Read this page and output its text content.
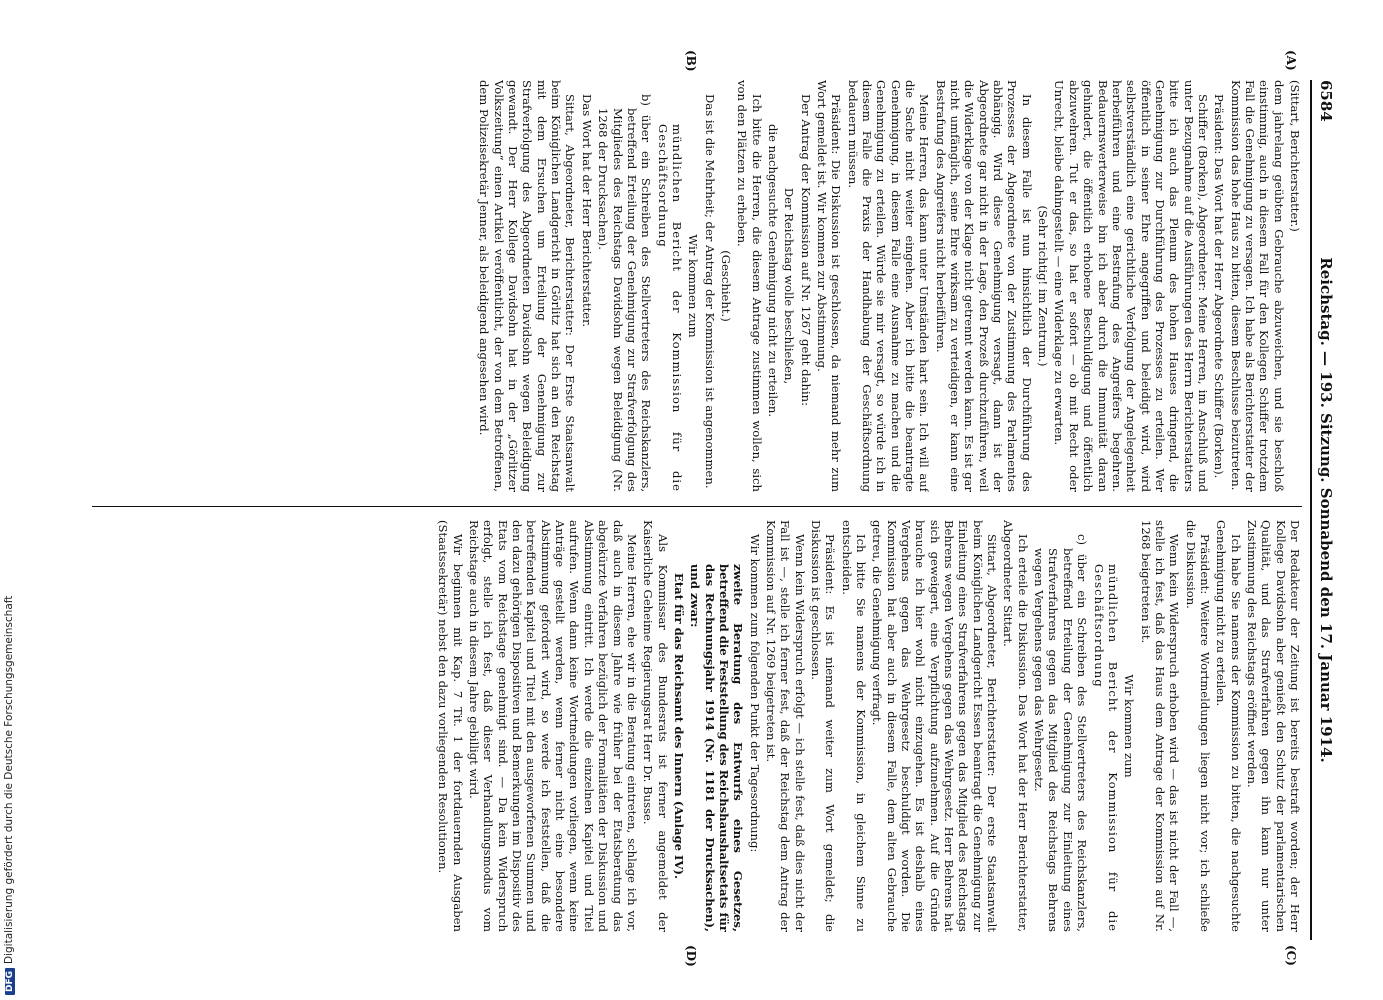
DFGDigitalisierung gefördert durch die Deutsche Forschungsgemeinschaft
6584
Reichstag. — 193. Sitzung. Sonnabend den 17. Januar 1914.
(A)
(B)
(C)
(D)

(Sittart, Berichterstatter.)

dem jahrelang geübten Gebrauche abzuweichen, und sie beschloß einstimmig, auch in diesem Fall für den Kollegen Schiffer trotzdem Fall die Genehmigung zu versagen. Ich habe als Berichterstatter der Kommission das hohe Haus zu bitten, diesem Beschlusse beizutreten.

Präsident: Das Wort hat der Herr Abgeordnete Schiffer (Borken).

Schiffer (Borken), Abgeordneter: Meine Herren, im Anschluß und unter Bezugnahme auf die Ausführungen des Herrn Berichterstatters bitte ich auch das Plenum des hohen Hauses dringend, die Genehmigung zur Durchführung des Prozesses zu erteilen. Wer öffentlich in seiner Ehre angegriffen und beleidigt wird, wird selbstverständlich eine gerichtliche Verfolgung der Angelegenheit herbeiführen und eine Bestrafung des Angreifers begehren. Bedauernswerterweise bin ich aber durch die Immunität daran gehindert, die öffentlich erhobene Beschuldigung und öffentlich abzuwehren. Tut er das, so hat er sofort — ob mit Recht oder Unrecht, bleibe dahingestellt — eine Widerklage zu erwarten.

(Sehr richtig! im Zentrum.)

In diesem Falle ist nun hinsichtlich der Durchführung des Prozesses der Abgeordnete von der Zustimmung des Parlamentes abhängig. Wird diese Genehmigung versagt, dann ist der Abgeordnete gar nicht in der Lage, den Prozeß durchzuführen, weil die Widerklage von der Klage nicht getrennt werden kann. Es ist gar nicht umfänglich, seine Ehre wirksam zu verteidigen, er kann eine Bestrafung des Angreifers nicht herbeiführen.

Meine Herren, das kann unter Umständen hart sein. Ich will auf die Sache nicht weiter eingehen. Aber ich bitte die beantragte Genehmigung, in diesem Falle eine Ausnahme zu machen und die Genehmigung zu erteilen. Würde sie mir versagt, so würde ich in diesem Falle die Praxis der Handhabung der Geschäftsordnung bedauern müssen.

Präsident: Die Diskussion ist geschlossen, da niemand mehr zum Wort gemeldet ist. Wir kommen zur Abstimmung.

Der Antrag der Kommission auf Nr. 1267 geht dahin:

Der Reichstag wolle beschließen,

die nachgesuchte Genehmigung nicht zu erteilen.

Ich bitte die Herren, die diesem Antrage zustimmen wollen, sich von den Plätzen zu erheben.

(Geschieht.)

Das ist die Mehrheit; der Antrag der Kommission ist angenommen.

Wir kommen zum

mündlichen Bericht der Kommission für die Geschäftsordnung

b) über ein Schreiben des Stellvertreters des Reichskanzlers, betreffend Erteilung der Genehmigung zur Strafverfolgung des Mitgliedes des Reichstags Davidsohn wegen Beleidigung (Nr. 1268 der Drucksachen).

Das Wort hat der Herr Berichterstatter.

Sittart, Abgeordneter, Berichterstatter: Der Erste Staatsanwalt beim Königlichen Landgericht in Görlitz hat sich an den Reichstag mit dem Ersuchen um Erteilung der Genehmigung zur Strafverfolgung des Abgeordneten Davidsohn wegen Beleidigung gewandt. Der Herr Kollege Davidsohn hat in der „Görlitzer Volkszeitung“ einen Artikel veröffentlicht, der von dem Betroffenen, dem Polizeisekretär Jenner, als beleidigend angesehen wird.

Der Redakteur der Zeitung ist bereits bestraft worden; der Herr Kollege Davidsohn aber genießt den Schutz der parlamentarischen Qualität, und das Strafverfahren gegen ihn kann nur unter Zustimmung des Reichstags eröffnet werden.

Ich habe Sie namens der Kommission zu bitten, die nachgesuchte Genehmigung nicht zu erteilen.

Präsident: Weitere Wortmeldungen liegen nicht vor; ich schließe die Diskussion.

Wenn kein Widerspruch erhoben wird — das ist nicht der Fall —, stelle ich fest, daß das Haus dem Antrage der Kommission auf Nr. 1268 beigetreten ist.

Wir kommen zum

mündlichen Bericht der Kommission für die Geschäftsordnung

c) über ein Schreiben des Stellvertreters des Reichskanzlers, betreffend Erteilung der Genehmigung zur Einleitung eines Strafverfahrens gegen das Mitglied des Reichstags Behrens wegen Vergehens gegen das Wehrgesetz.

Ich erteile die Diskussion. Das Wort hat der Herr Berichterstatter, Abgeordneter Sittart.

Sittart, Abgeordneter, Berichterstatter: Der erste Staatsanwalt beim Königlichen Landgericht Essen beantragt die Genehmigung zur Einleitung eines Strafverfahrens gegen das Mitglied des Reichstags Behrens wegen Vergehens gegen das Wehrgesetz. Herr Behrens hat sich geweigert, eine Verpflichtung aufzunehmen. Auf die Gründe brauche ich hier wohl nicht einzugehen. Es ist deshalb eines Vergehens gegen das Wehrgesetz beschuldigt worden. Die Kommission hat aber auch in diesem Falle, dem alten Gebrauche getreu, die Genehmigung verfragt.

Ich bitte Sie namens der Kommission, in gleichem Sinne zu entscheiden.

Präsident: Es ist niemand weiter zum Wort gemeldet; die Diskussion ist geschlossen.

Wenn kein Widerspruch erfolgt — ich stelle fest, daß dies nicht der Fall ist —, stelle ich ferner fest, daß der Reichstag dem Antrag der Kommission auf Nr. 1269 beigetreten ist.

Wir kommen zum folgenden Punkt der Tagesordnung:

zweite Beratung des Entwurfs eines Gesetzes, betreffend die Feststellung des Reichshaushaltsetats für das Rechnungsjahr 1914 (Nr. 1181 der Drucksachen), und zwar:

Etat für das Reichsamt des Innern (Anlage IV).

Als Kommissar des Bundesrats ist ferner angemeldet der Kaiserliche Geheime Regierungsrat Herr Dr. Busse.

Meine Herren, ehe wir in die Beratung eintreten, schlage ich vor, daß auch in diesem Jahre wie früher bei der Etatsberatung das abgekürzte Verfahren bezüglich der Formalitäten der Diskussion und Abstimmung eintritt. Ich werde die einzelnen Kapitel und Titel aufrufen. Wenn dann keine Wortmeldungen vorliegen, wenn keine Anträge gestellt werden, wenn ferner nicht eine besondere Abstimmung gefordert wird, so werde ich feststellen, daß die betreffenden Kapitel und Titel mit den ausgeworfenen Summen und den dazu gehörigen Dispositiven und Bemerkungen im Dispositiv des Etats vom Reichstage genehmigt sind. — Da kein Widerspruch erfolgt, stelle ich fest, daß dieser Verhandlungsmodus vom Reichstage auch in diesem Jahre gebilligt wird.

Wir beginnen mit Kap. 7 Tit. 1 der fortdauernden Ausgaben (Staatssekretär) nebst den dazu vorliegenden Resolutionen.
